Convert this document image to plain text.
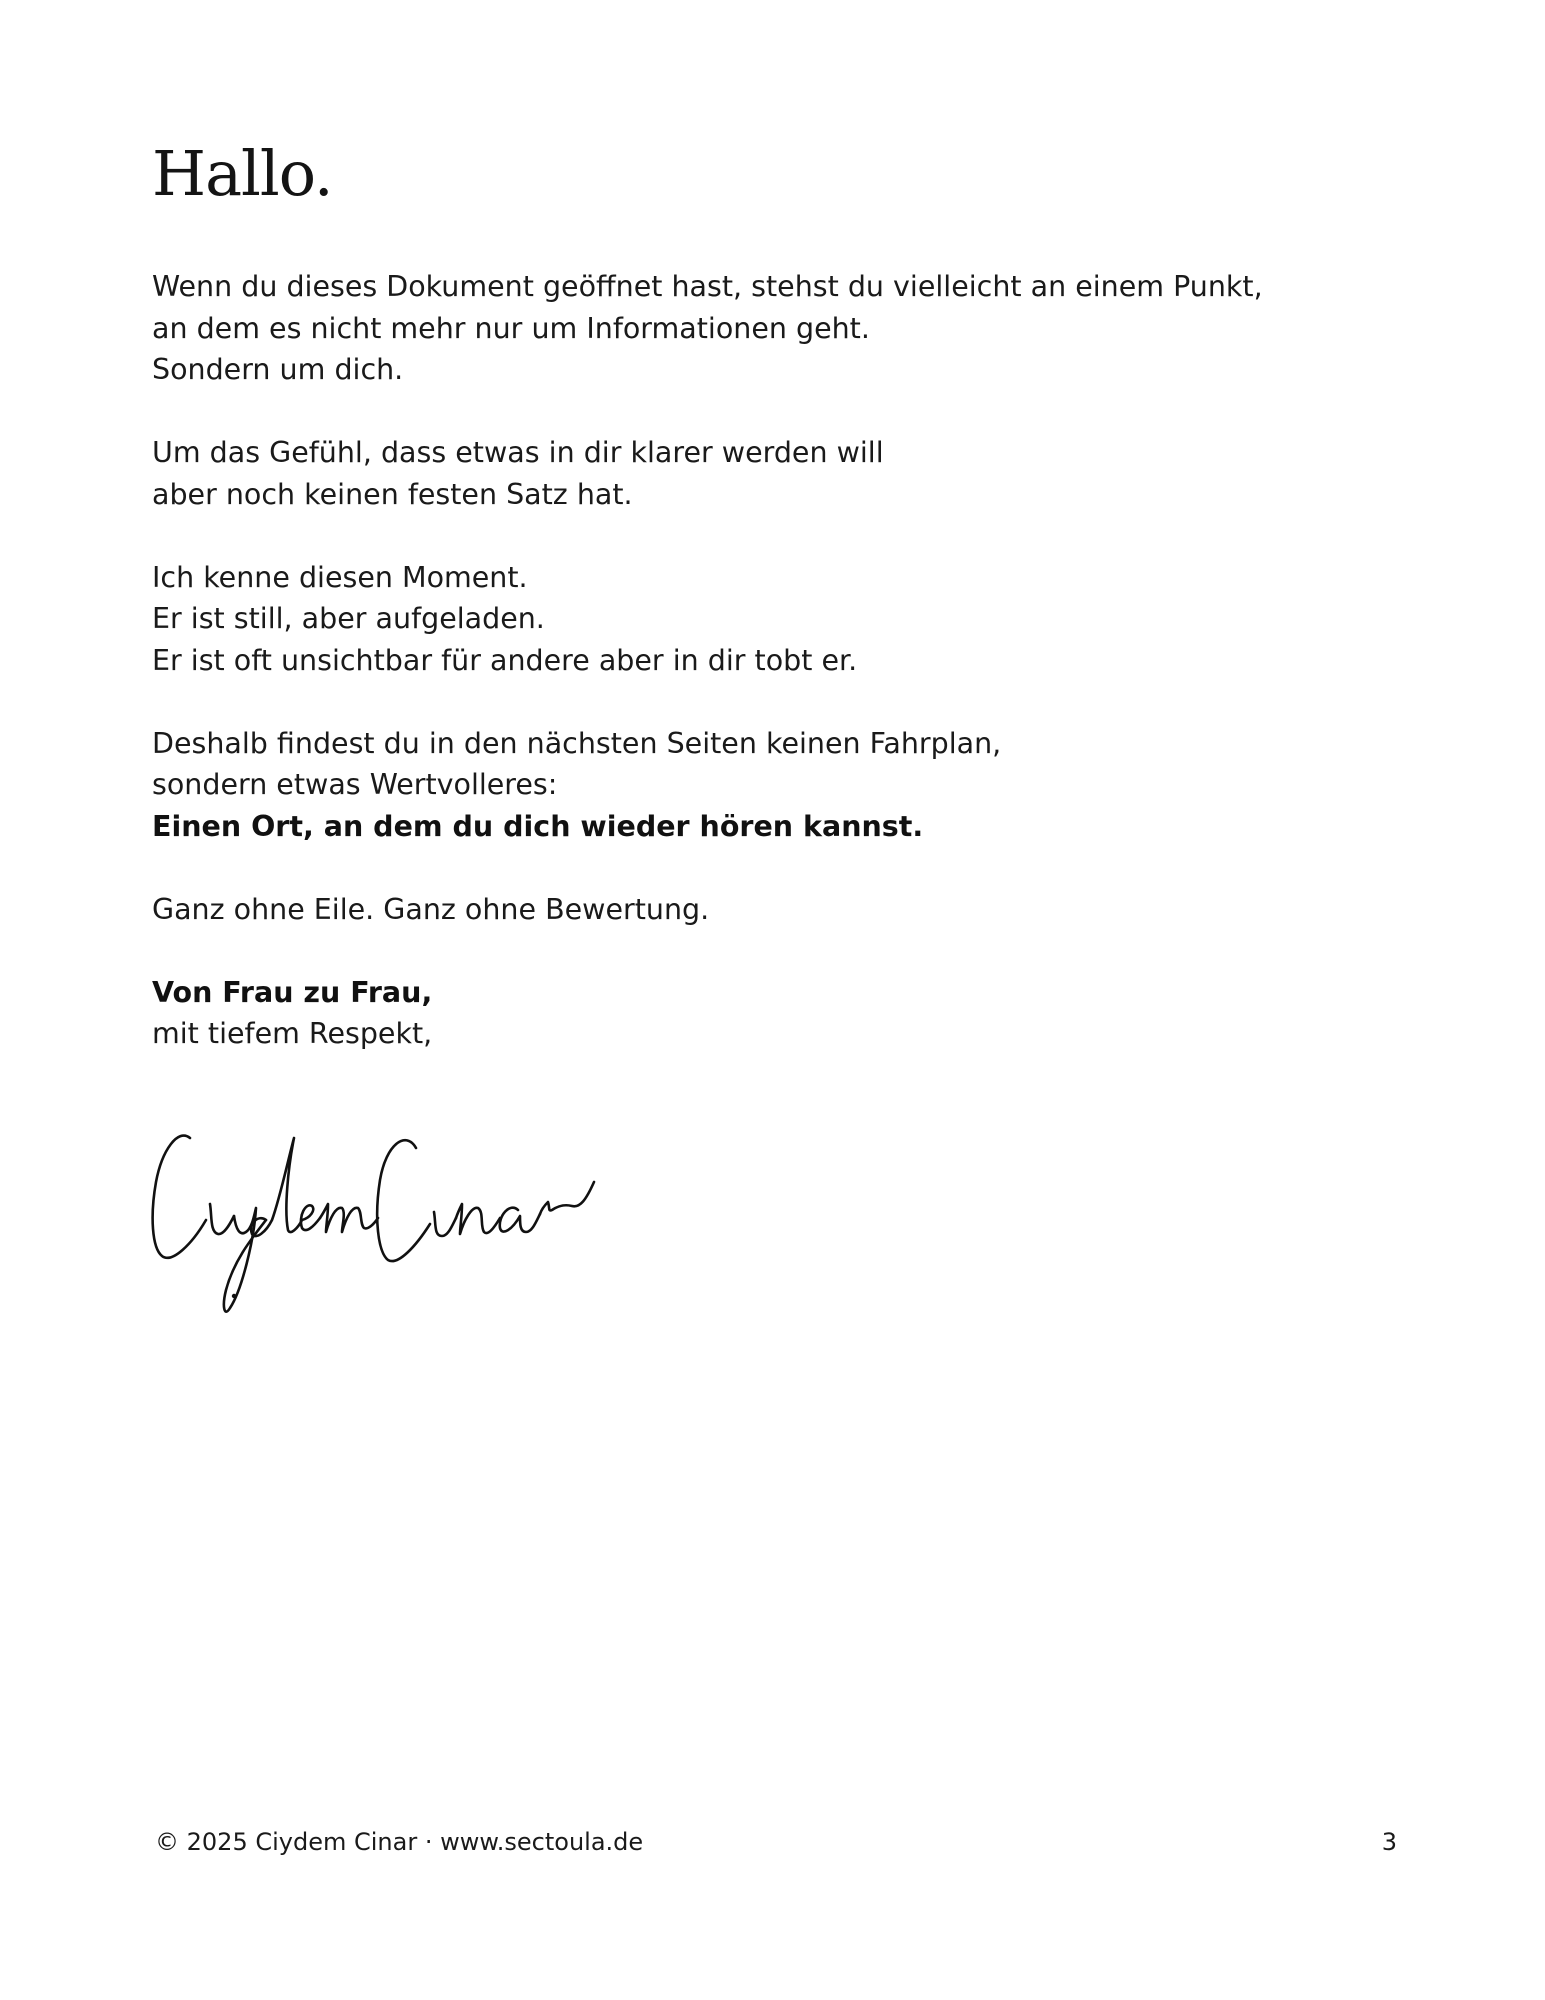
Hallo.

Wenn du dieses Dokument geöffnet hast, stehst du vielleicht an einem Punkt,
an dem es nicht mehr nur um Informationen geht.
Sondern um dich.

Um das Gefühl, dass etwas in dir klarer werden will
aber noch keinen festen Satz hat.

Ich kenne diesen Moment.
Er ist still, aber aufgeladen.
Er ist oft unsichtbar für andere aber in dir tobt er.

Deshalb findest du in den nächsten Seiten keinen Fahrplan,
sondern etwas Wertvolleres:
Einen Ort, an dem du dich wieder hören kannst.

Ganz ohne Eile. Ganz ohne Bewertung.

Von Frau zu Frau,
mit tiefem Respekt,

© 2025 Ciydem Cinar · www.sectoula.de	3
